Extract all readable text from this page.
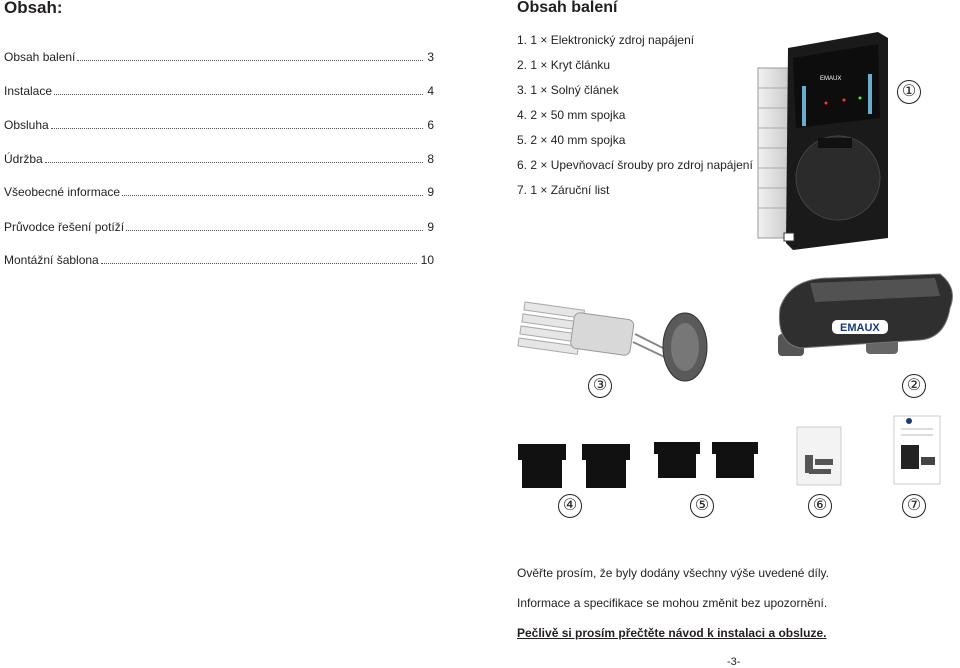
Obsah:
Obsah balení	3
Instalace	4
Obsluha	6
Údržba	8
Všeobecné informace	9
Průvodce řešení potíží	9
Montážní šablona	10
Obsah balení
1. 1 × Elektronický zdroj napájení
2. 1 × Kryt článku
3. 1 × Solný článek
4. 2 × 50 mm spojka
5. 2 × 40 mm spojka
6. 2 × Upevňovací šrouby pro zdroj napájení
7. 1 × Záruční list
EMAUX
EMAUX
①
②
③
④	⑤	⑥	⑦
Ověřte prosím, že byly dodány všechny výše uvedené díly.
Informace a specifikace se mohou změnit bez upozornění.
Pečlivě si prosím přečtěte návod k instalaci a obsluze.
-3-
